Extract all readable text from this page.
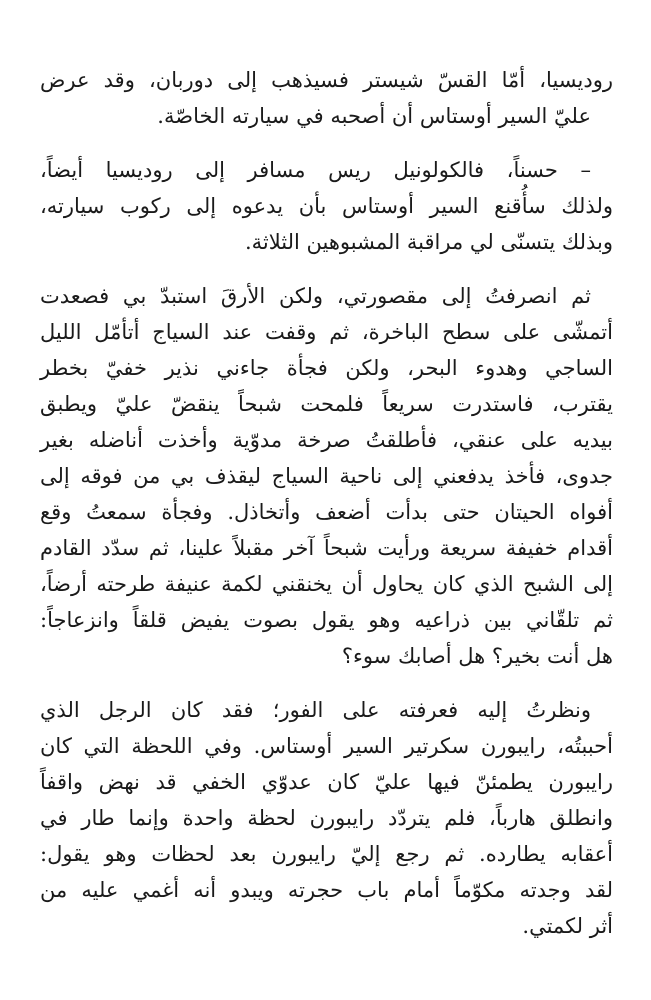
روديسيا، أمّا القسّ شيستر فسيذهب إلى دوربان، وقد عرض
عليّ السير أوستاس أن أصحبه في سيارته الخاصّة.
– حسناً، فالكولونيل ريس مسافر إلى روديسيا أيضاً،
ولذلك سأُقنع السير أوستاس بأن يدعوه إلى ركوب سيارته،
وبذلك يتسنّى لي مراقبة المشبوهين الثلاثة.
ثم انصرفتُ إلى مقصورتي، ولكن الأرقَ استبدّ بي فصعدت
أتمشّى على سطح الباخرة، ثم وقفت عند السياج أتأمّل الليل
الساجي وهدوء البحر، ولكن فجأة جاءني نذير خفيّ بخطر
يقترب، فاستدرت سريعاً فلمحت شبحاً ينقضّ عليّ ويطبق
بيديه على عنقي، فأطلقتُ صرخة مدوّية وأخذت أناضله بغير
جدوى، فأخذ يدفعني إلى ناحية السياج ليقذف بي من فوقه إلى
أفواه الحيتان حتى بدأت أضعف وأتخاذل. وفجأة سمعتُ وقع
أقدام خفيفة سريعة ورأيت شبحاً آخر مقبلاً علينا، ثم سدّد القادم
إلى الشبح الذي كان يحاول أن يخنقني لكمة عنيفة طرحته أرضاً،
ثم تلقّاني بين ذراعيه وهو يقول بصوت يفيض قلقاً وانزعاجاً:
هل أنت بخير؟ هل أصابك سوء؟
ونظرتُ إليه فعرفته على الفور؛ فقد كان الرجل الذي
أحببتُه، رايبورن سكرتير السير أوستاس. وفي اللحظة التي كان
رايبورن يطمئنّ فيها عليّ كان عدوّي الخفي قد نهض واقفاً
وانطلق هارباً، فلم يتردّد رايبورن لحظة واحدة وإنما طار في
أعقابه يطارده. ثم رجع إليّ رايبورن بعد لحظات وهو يقول:
لقد وجدته مكوّماً أمام باب حجرته ويبدو أنه أغمي عليه من
أثر لكمتي.
